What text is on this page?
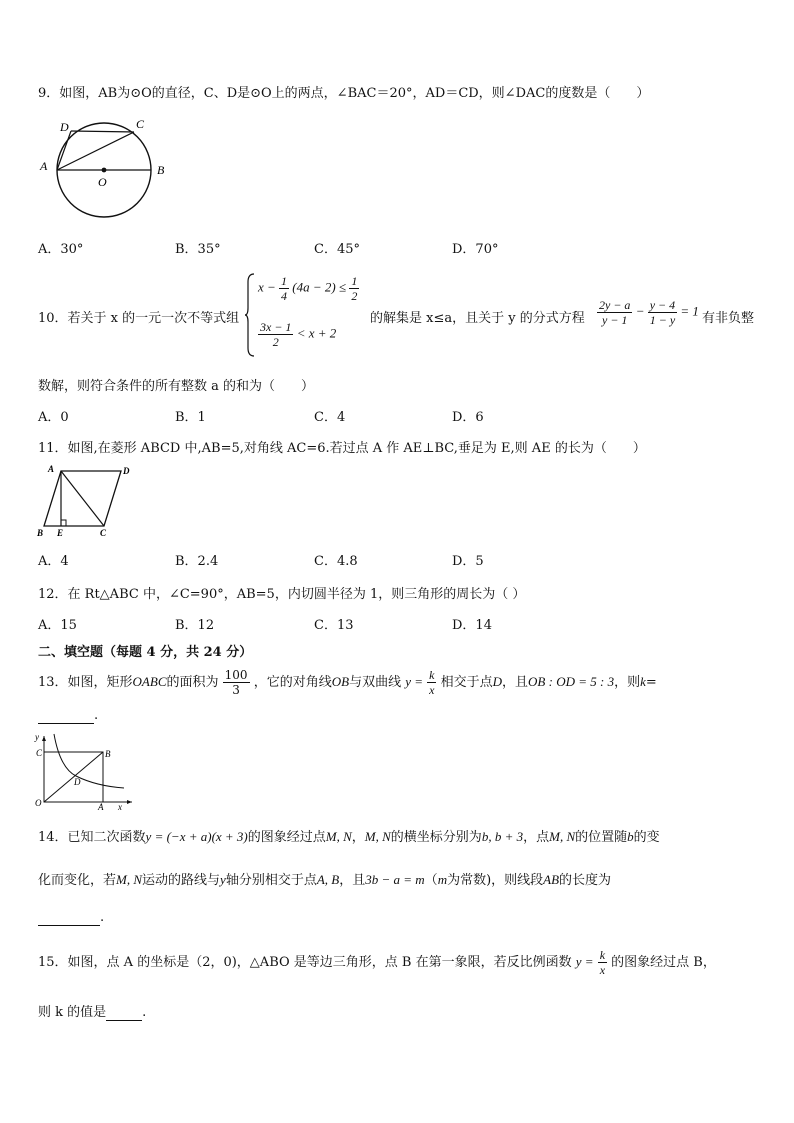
9．如图，AB为⊙O的直径，C、D是⊙O上的两点，∠BAC＝20°，AD＝CD，则∠DAC的度数是（　　）
A	B
C
D
O
A．30°	B．35°	C．45°	D．70°
10．若关于 x 的一元一次不等式组
$x - \frac{1}{4} (4a - 2) \le \frac{1}{2}$
$\frac{3x - 1}{2} < x + 2$
的解集是 x≤a，且关于 y 的分式方程 $\frac{2y - a}{y - 1} - \frac{y - 4}{1 - y} = 1$
有非负整
数解，则符合条件的所有整数 a 的和为（　　）
A．0	B．1	C．4	D．6
11．如图,在菱形 ABCD 中,AB=5,对角线 AC=6.若过点 A 作 AE⊥BC,垂足为 E,则 AE 的长为（　　）
A	D
B E	C
A．4	B．2.4	C．4.8	D．5
12．在 Rt△ABC 中，∠C=90°，AB=5，内切圆半径为 1，则三角形的周长为（ ）
A．15	B．12	C．13	D．14
二、填空题（每题 4 分，共 24 分）
13．如图，矩形OABC的面积为 $\frac{100}{3}$ ，它的对角线OB与双曲线 $y = \frac{k}{x}$ 相交于点D，且OB : OD = 5 : 3，则k=
.
y
x
C	B
D
O	A
14．已知二次函数y = (−x + a)(x + 3)的图象经过点M, N，M, N的横坐标分别为b, b + 3，点M, N的位置随b的变
化而变化，若M, N运动的路线与y轴分别相交于点A, B，且3b − a = m（m为常数)，则线段AB的长度为
.
15．如图，点 A 的坐标是（2，0)，△ABO 是等边三角形，点 B 在第一象限，若反比例函数 $y = \frac{k}{x}$ 的图象经过点 B，
则 k 的值是	.
